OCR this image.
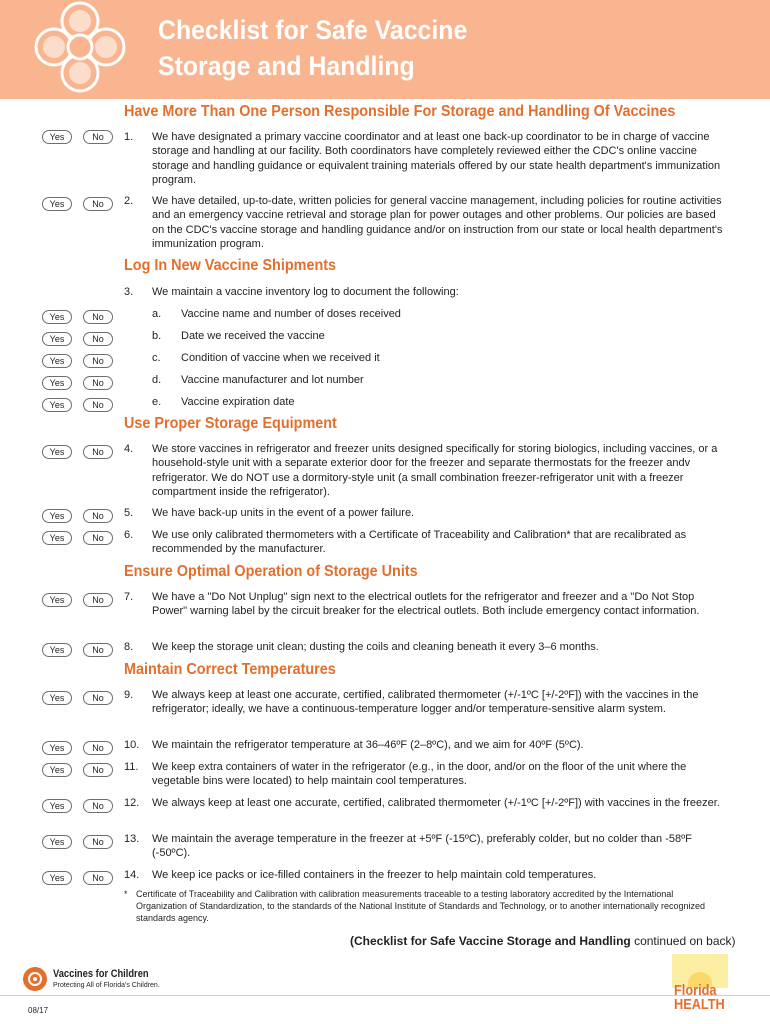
Checklist for Safe Vaccine
Storage and Handling
Have More Than One Person Responsible For Storage and Handling Of Vaccines
Yes	No	1. We have designated a primary vaccine coordinator and at least one back-up coordinator to be in charge of vaccine storage and handling at our facility. Both coordinators have completely reviewed either the CDC's online vaccine storage and handling guidance or equivalent training materials offered by our state health department's immunization program.
Yes	No	2. We have detailed, up-to-date, written policies for general vaccine management, including policies for routine activities and an emergency vaccine retrieval and storage plan for power outages and other problems. Our policies are based on the CDC's vaccine storage and handling guidance and/or on instruction from our state or local health department's immunization program.
Log In New Vaccine Shipments
3. We maintain a vaccine inventory log to document the following:
Yes	No	a. Vaccine name and number of doses received
Yes	No	b. Date we received the vaccine
Yes	No	c. Condition of vaccine when we received it
Yes	No	d. Vaccine manufacturer and lot number
Yes	No	e. Vaccine expiration date
Use Proper Storage Equipment
Yes	No	4. We store vaccines in refrigerator and freezer units designed specifically for storing biologics, including vaccines, or a household-style unit with a separate exterior door for the freezer and separate thermostats for the freezer andv refrigerator. We do NOT use a dormitory-style unit (a small combination freezer-refrigerator unit with a freezer compartment inside the refrigerator).
Yes	No	5. We have back-up units in the event of a power failure.
Yes	No	6. We use only calibrated thermometers with a Certificate of Traceability and Calibration* that are recalibrated as recommended by the manufacturer.
Ensure Optimal Operation of Storage Units
Yes	No	7. We have a "Do Not Unplug" sign next to the electrical outlets for the refrigerator and freezer and a "Do Not Stop Power" warning label by the circuit breaker for the electrical outlets. Both include emergency contact information.
Yes	No	8. We keep the storage unit clean; dusting the coils and cleaning beneath it every 3–6 months.
Maintain Correct Temperatures
Yes	No	9. We always keep at least one accurate, certified, calibrated thermometer (+/-1ºC [+/-2ºF]) with the vaccines in the refrigerator; ideally, we have a continuous-temperature logger and/or temperature-sensitive alarm system.
Yes	No	10. We maintain the refrigerator temperature at 36–46ºF (2–8ºC), and we aim for 40ºF (5ºC).
Yes	No	11. We keep extra containers of water in the refrigerator (e.g., in the door, and/or on the floor of the unit where the vegetable bins were located) to help maintain cool temperatures.
Yes	No	12. We always keep at least one accurate, certified, calibrated thermometer (+/-1ºC [+/-2ºF]) with vaccines in the freezer.
Yes	No	13. We maintain the average temperature in the freezer at +5ºF (-15ºC), preferably colder, but no colder than -58ºF (-50ºC).
Yes	No	14. We keep ice packs or ice-filled containers in the freezer to help maintain cold temperatures.
* Certificate of Traceability and Calibration with calibration measurements traceable to a testing laboratory accredited by the International Organization of Standardization, to the standards of the National Institute of Standards and Technology, or to another internationally recognized standards agency.
(Checklist for Safe Vaccine Storage and Handling continued on back)
Vaccines for Children
Protecting All of Florida's Children.
08/17
Florida
HEALTH
